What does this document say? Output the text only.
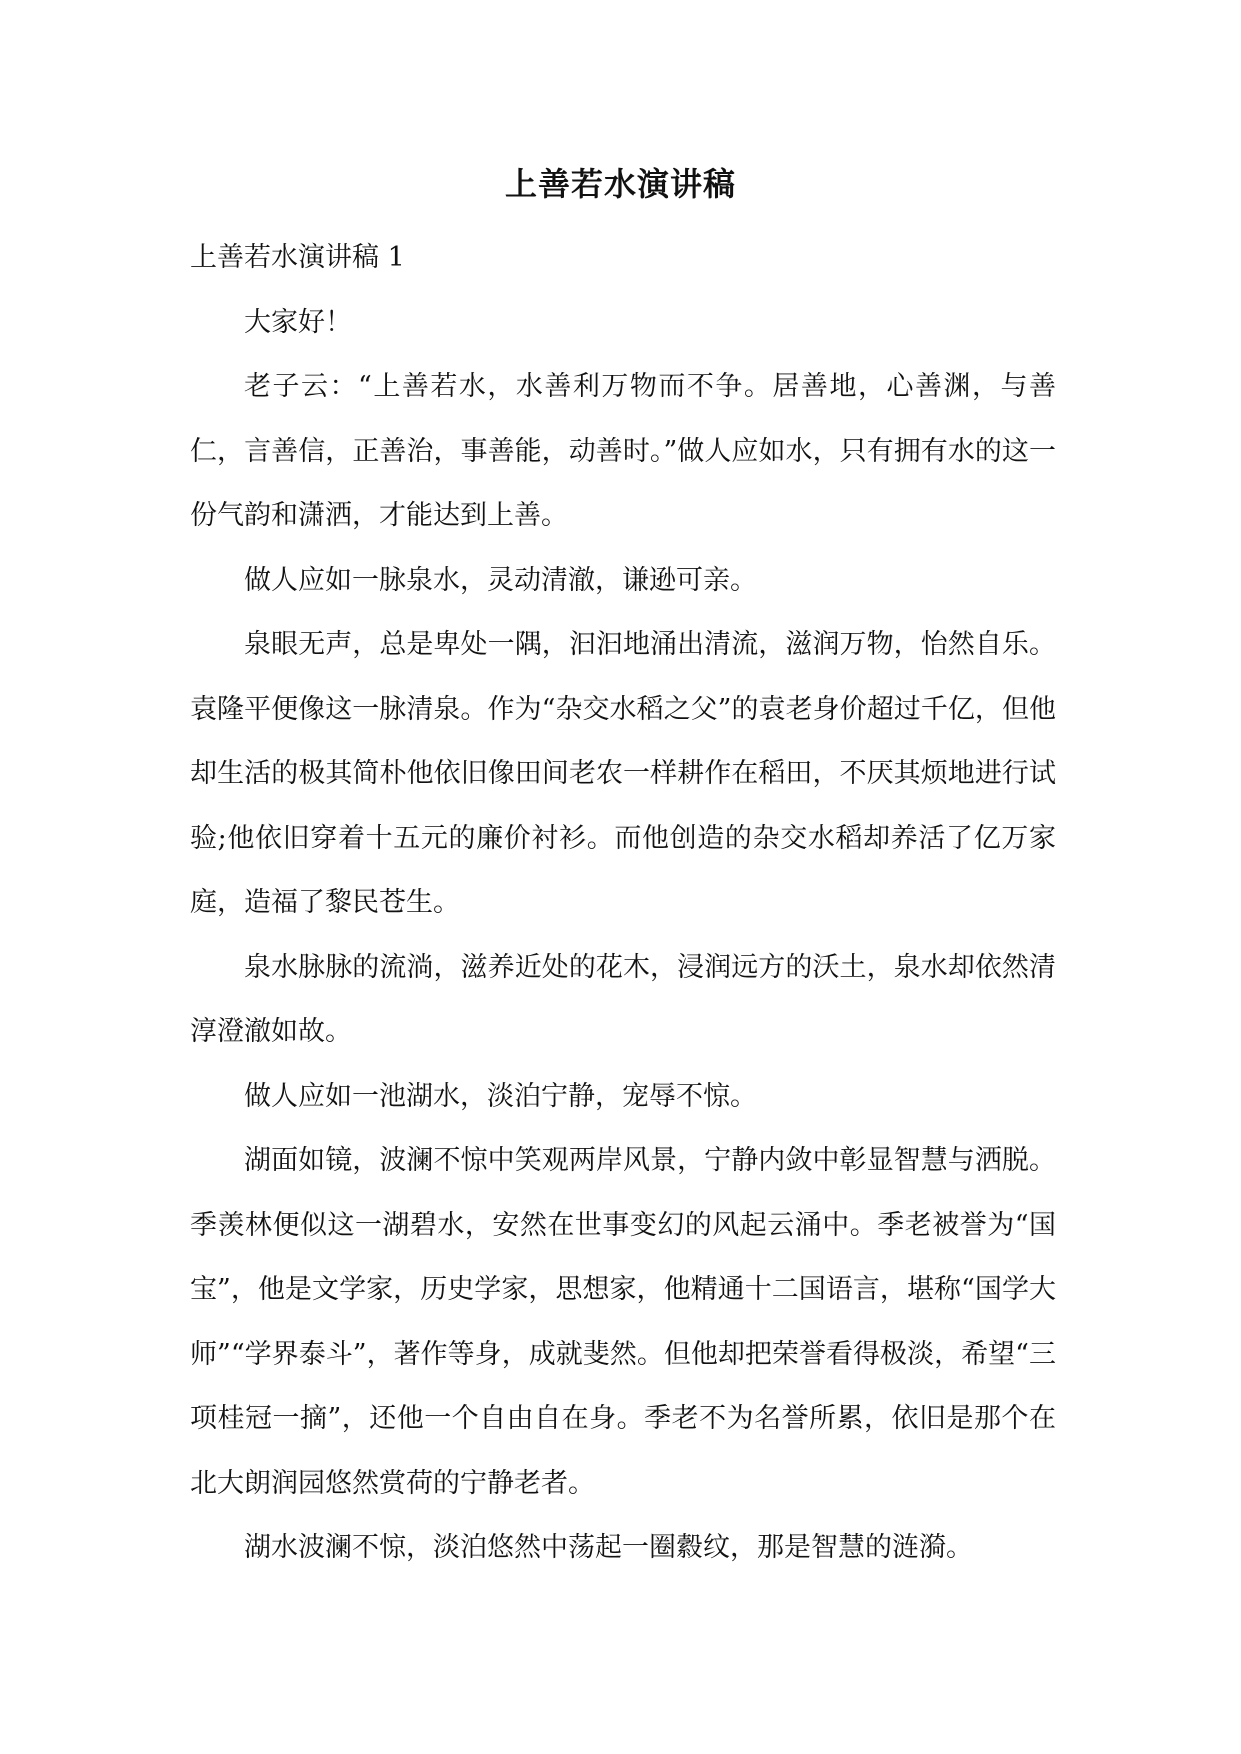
上善若水演讲稿

上善若水演讲稿 1

大家好！

老子云：“上善若水，水善利万物而不争。居善地，心善渊，与善仁，言善信，正善治，事善能，动善时。”做人应如水，只有拥有水的这一份气韵和潇洒，才能达到上善。

做人应如一脉泉水，灵动清澈，谦逊可亲。

泉眼无声，总是卑处一隅，汩汩地涌出清流，滋润万物，怡然自乐。袁隆平便像这一脉清泉。作为“杂交水稻之父”的袁老身价超过千亿，但他却生活的极其简朴他依旧像田间老农一样耕作在稻田，不厌其烦地进行试验;他依旧穿着十五元的廉价衬衫。而他创造的杂交水稻却养活了亿万家庭，造福了黎民苍生。

泉水脉脉的流淌，滋养近处的花木，浸润远方的沃土，泉水却依然清淳澄澈如故。

做人应如一池湖水，淡泊宁静，宠辱不惊。

湖面如镜，波澜不惊中笑观两岸风景，宁静内敛中彰显智慧与洒脱。季羡林便似这一湖碧水，安然在世事变幻的风起云涌中。季老被誉为“国宝”，他是文学家，历史学家，思想家，他精通十二国语言，堪称“国学大师”“学界泰斗”，著作等身，成就斐然。但他却把荣誉看得极淡，希望“三项桂冠一摘”，还他一个自由自在身。季老不为名誉所累，依旧是那个在北大朗润园悠然赏荷的宁静老者。

湖水波澜不惊，淡泊悠然中荡起一圈縠纹，那是智慧的涟漪。
